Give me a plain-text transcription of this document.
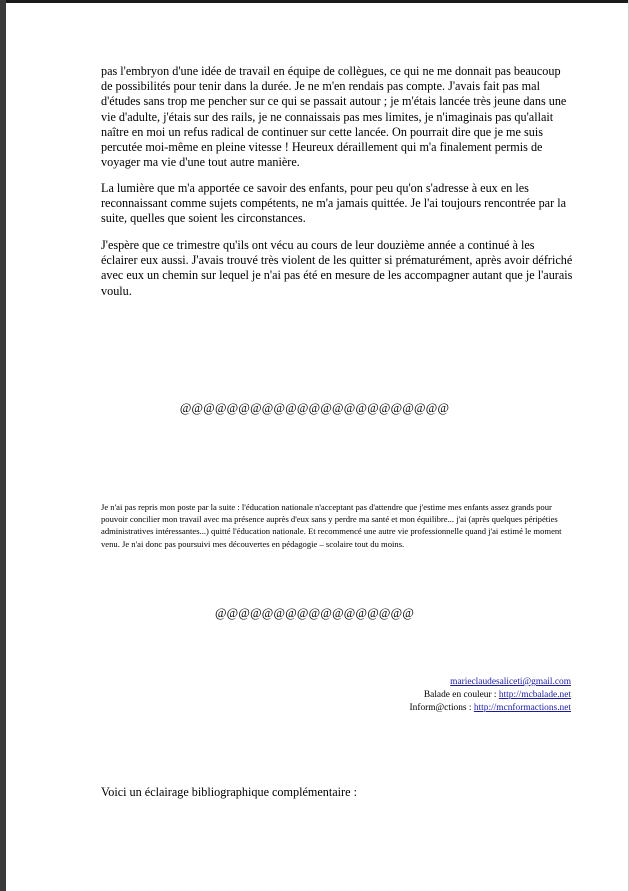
pas l'embryon d'une idée de travail en équipe de collègues, ce qui ne me donnait pas beaucoup de possibilités pour tenir dans la durée. Je ne m'en rendais pas compte. J'avais fait pas mal d'études sans trop me pencher sur ce qui se passait autour ; je m'étais lancée très jeune dans une vie d'adulte, j'étais sur des rails, je ne connaissais pas mes limites, je n'imaginais pas qu'allait naître en moi un refus radical de continuer sur cette lancée. On pourrait dire que je me suis percutée moi-même en pleine vitesse ! Heureux déraillement qui m'a finalement permis de voyager ma vie d'une tout autre manière.

La lumière que m'a apportée ce savoir des enfants, pour peu qu'on s'adresse à eux en les reconnaissant comme sujets compétents, ne m'a jamais quittée. Je l'ai toujours rencontrée par la suite, quelles que soient les circonstances.

J'espère que ce trimestre qu'ils ont vécu au cours de leur douzième année a continué à les éclairer eux aussi. J'avais trouvé très violent de les quitter si prématurément, après avoir défriché avec eux un chemin sur lequel je n'ai pas été en mesure de les accompagner autant que je l'aurais voulu.

@@@@@@@@@@@@@@@@@@@@@@@

Je n'ai pas repris mon poste par la suite : l'éducation nationale n'acceptant pas d'attendre que j'estime mes enfants assez grands pour pouvoir concilier mon travail avec ma présence auprès d'eux sans y perdre ma santé et mon équilibre... j'ai (après quelques péripéties administratives intéressantes...) quitté l'éducation nationale. Et recommencé une autre vie professionnelle quand j'ai estimé le moment venu. Je n'ai donc pas poursuivi mes découvertes en pédagogie – scolaire tout du moins.

@@@@@@@@@@@@@@@@@
marieclaudesaliceti@gmail.com
Balade en couleur : http://mcbalade.net
Inform@ctions : http://mcnformactions.net

Voici un éclairage bibliographique complémentaire :
